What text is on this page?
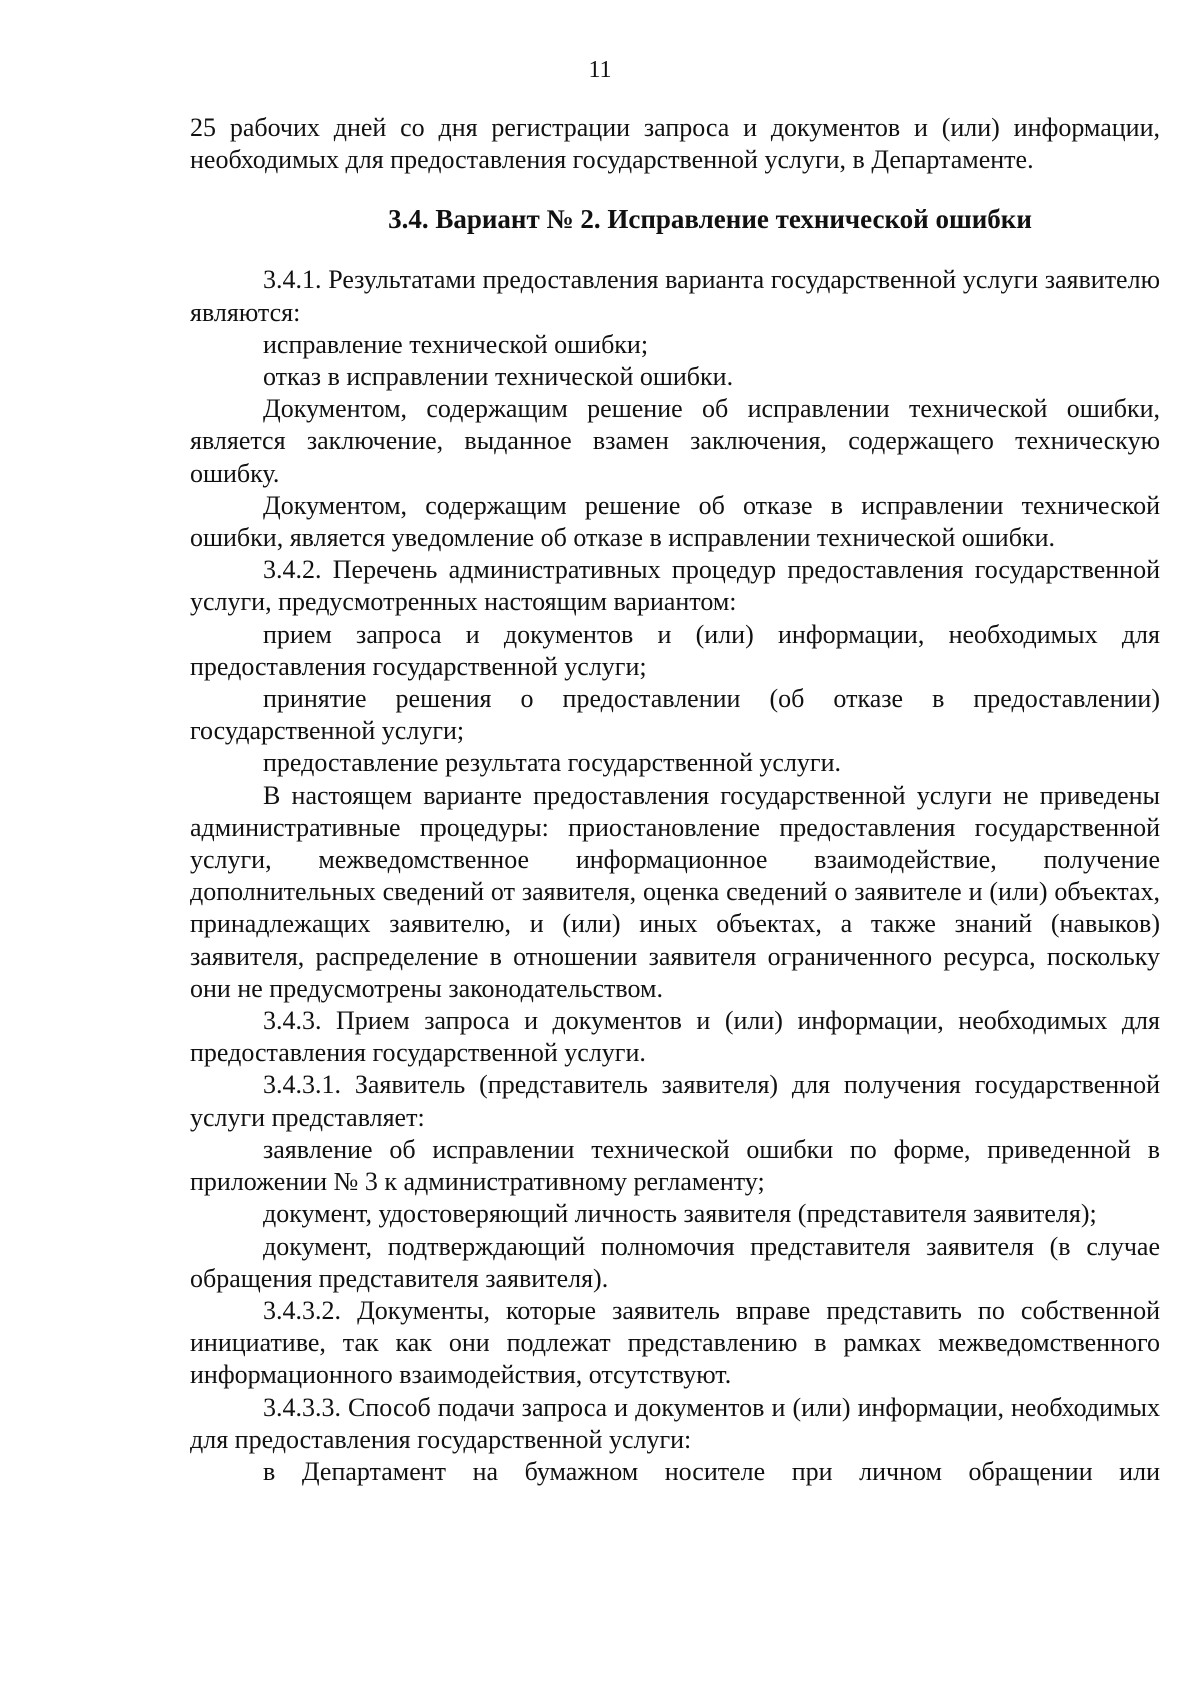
11

25 рабочих дней со дня регистрации запроса и документов и (или) информации, необходимых для предоставления государственной услуги, в Департаменте.

3.4. Вариант № 2. Исправление технической ошибки

3.4.1. Результатами предоставления варианта государственной услуги заявителю являются:

исправление технической ошибки;

отказ в исправлении технической ошибки.

Документом, содержащим решение об исправлении технической ошибки, является заключение, выданное взамен заключения, содержащего техническую ошибку.

Документом, содержащим решение об отказе в исправлении технической ошибки, является уведомление об отказе в исправлении технической ошибки.

3.4.2. Перечень административных процедур предоставления государственной услуги, предусмотренных настоящим вариантом:

прием запроса и документов и (или) информации, необходимых для предоставления государственной услуги;

принятие решения о предоставлении (об отказе в предоставлении) государственной услуги;

предоставление результата государственной услуги.

В настоящем варианте предоставления государственной услуги не приведены административные процедуры: приостановление предоставления государственной услуги, межведомственное информационное взаимодействие, получение дополнительных сведений от заявителя, оценка сведений о заявителе и (или) объектах, принадлежащих заявителю, и (или) иных объектах, а также знаний (навыков) заявителя, распределение в отношении заявителя ограниченного ресурса, поскольку они не предусмотрены законодательством.

3.4.3. Прием запроса и документов и (или) информации, необходимых для предоставления государственной услуги.

3.4.3.1. Заявитель (представитель заявителя) для получения государственной услуги представляет:

заявление об исправлении технической ошибки по форме, приведенной в приложении № 3 к административному регламенту;

документ, удостоверяющий личность заявителя (представителя заявителя);

документ, подтверждающий полномочия представителя заявителя (в случае обращения представителя заявителя).

3.4.3.2. Документы, которые заявитель вправе представить по собственной инициативе, так как они подлежат представлению в рамках межведомственного информационного взаимодействия, отсутствуют.

3.4.3.3. Способ подачи запроса и документов и (или) информации, необходимых для предоставления государственной услуги:

в Департамент на бумажном носителе при личном обращении или
